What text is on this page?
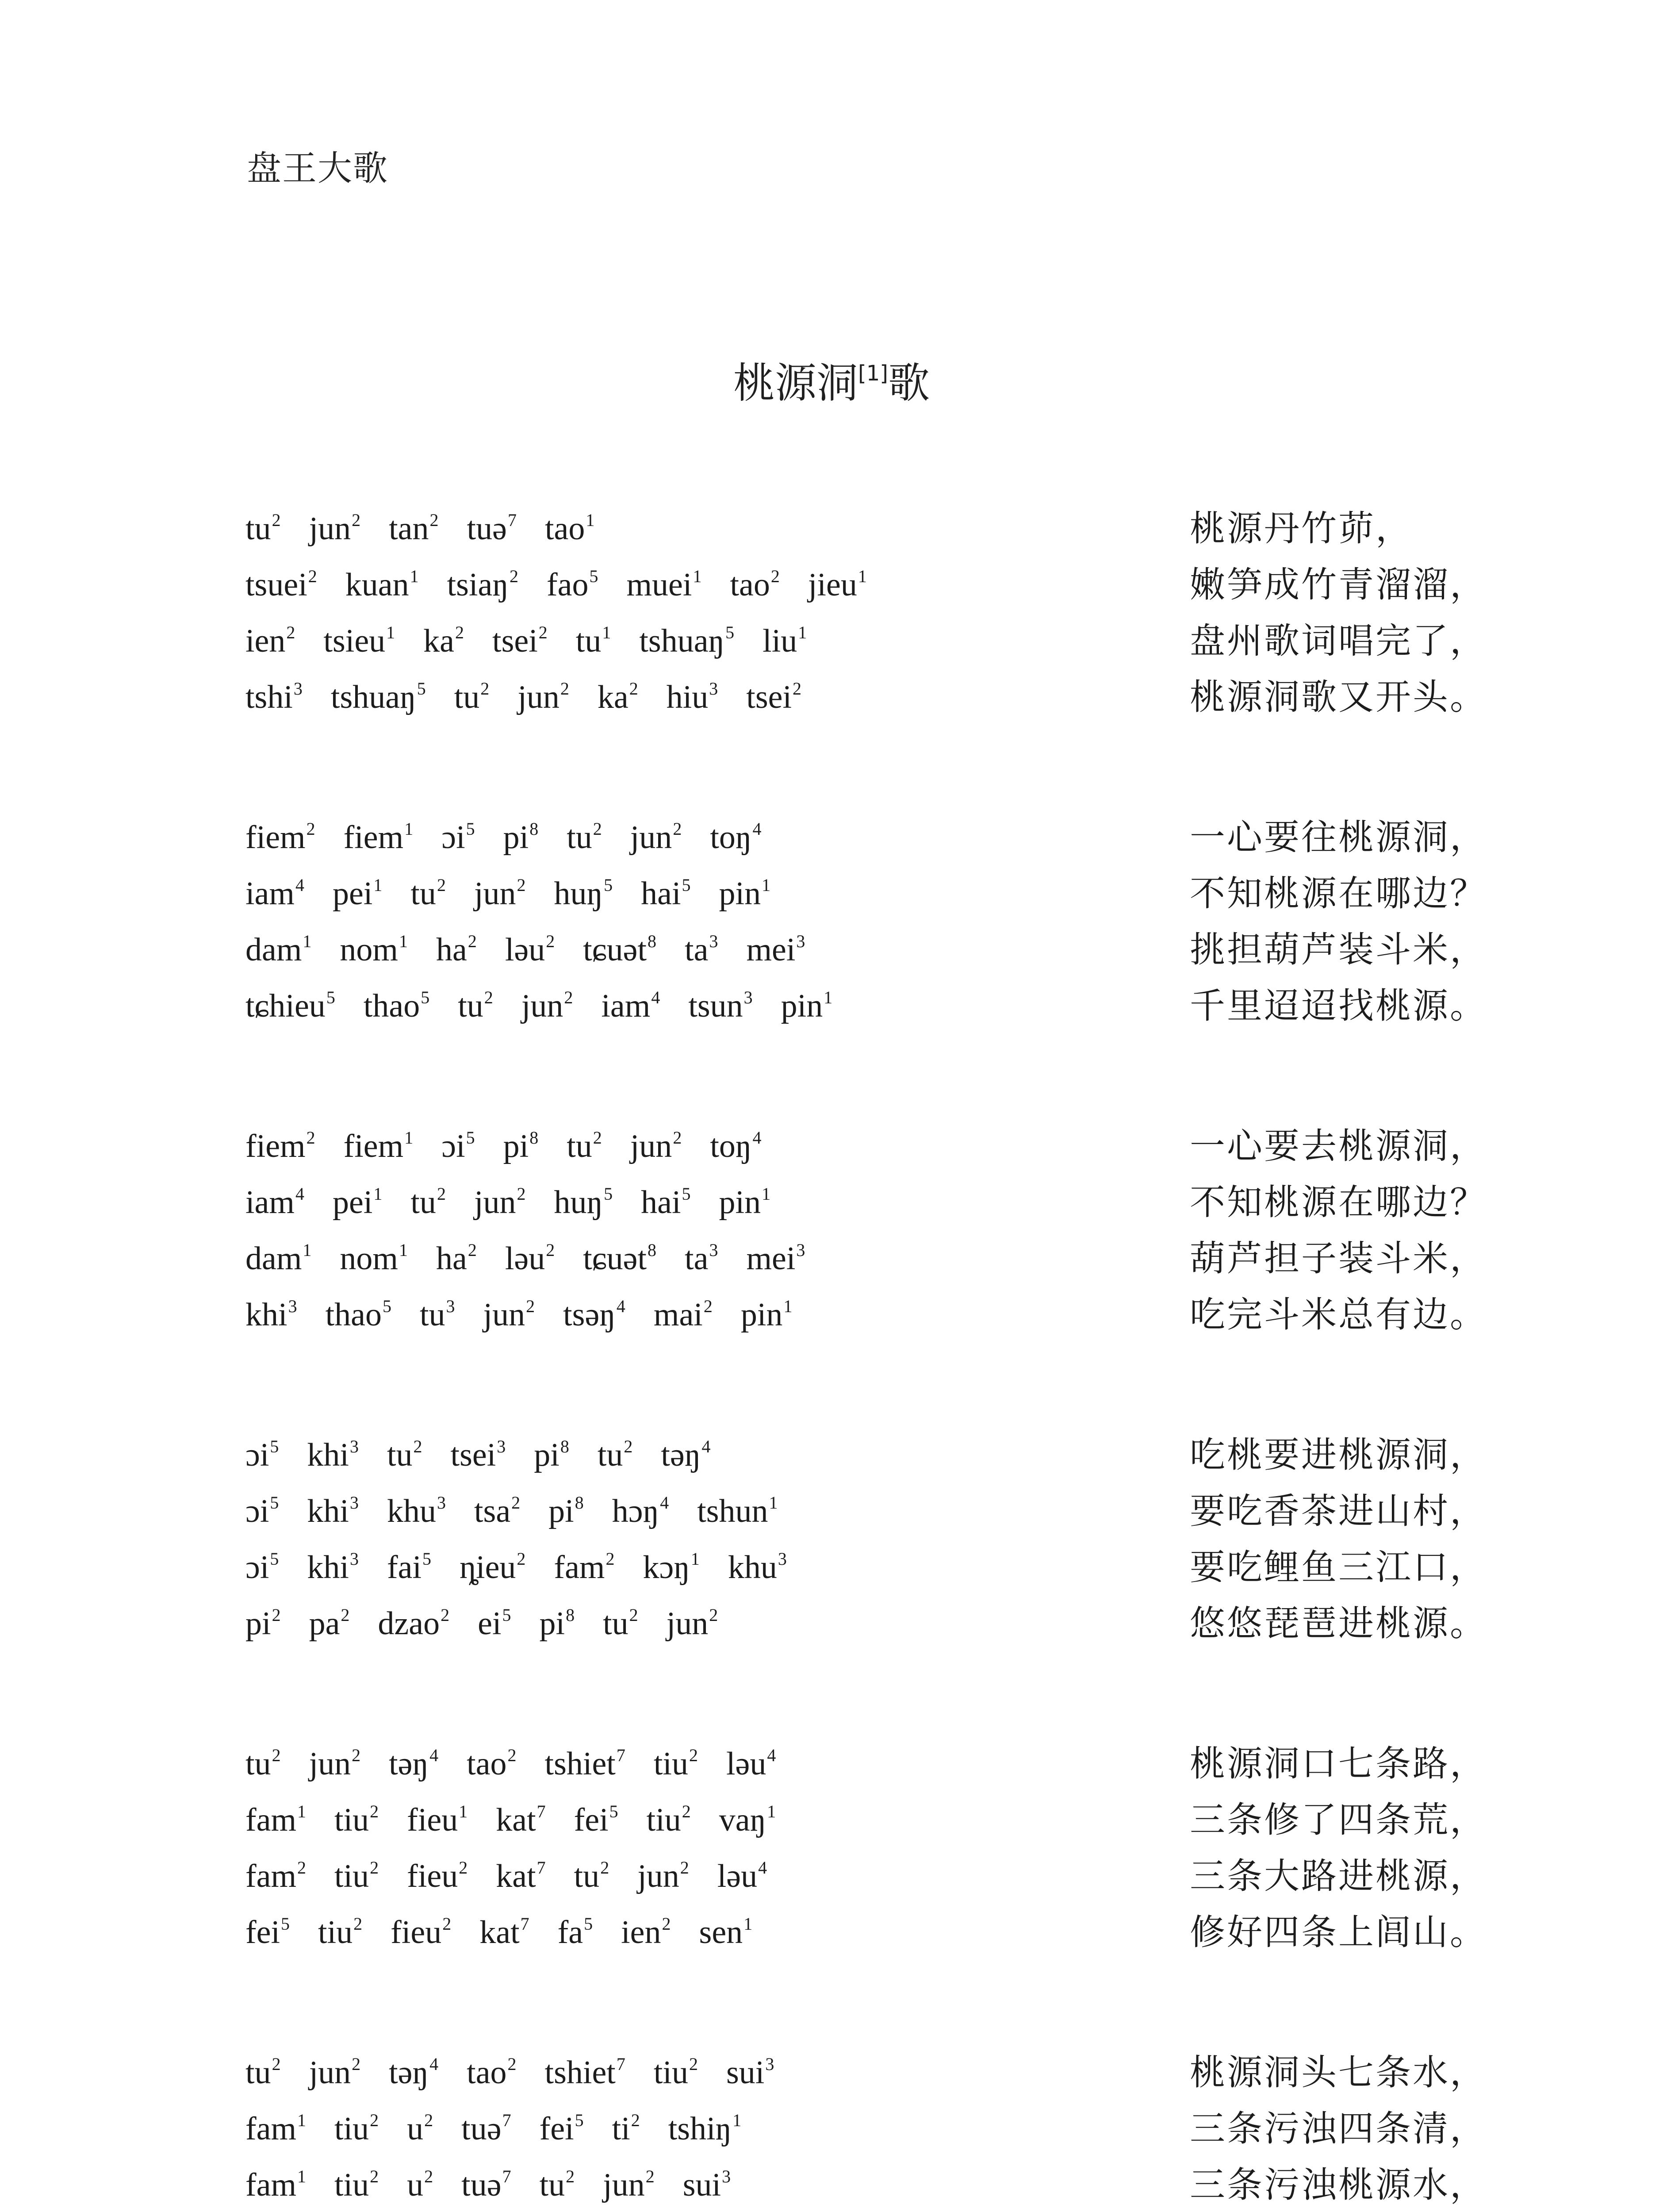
盘王大歌
桃源洞[1]歌
$tu^2$ jun$^2$ $\tan^2$ tuə$^7$ tao$^1$	桃源丹竹茆，
tsuei$^2$ kuan$^1$ tsiaŋ$^2$ fao$^5$ muei$^1$ tao$^2$ jieu$^1$	嫩笋成竹青溜溜，
ien$^2$ tsieu$^1$ $ka^2$ tsei$^2$ $tu^1$ tshuaŋ$^5$ liu$^1$	盘州歌词唱完了，
tshi$^3$ tshuaŋ$^5$ $tu^2$ jun$^2$ $ka^2$ hiu$^3$ tsei$^2$	桃源洞歌又开头。
fiem$^2$ fiem$^1$ ɔi$^5$ $pi^8$ $tu^2$ jun$^2$ toŋ$^4$	一心要往桃源洞，
iam$^4$ pei$^1$ $tu^2$ jun$^2$ huŋ$^5$ hai$^5$ pin$^1$	不知桃源在哪边？
dam$^1$ nom$^1$ $ha^2$ ləu$^2$ tɕuət$^8$ $ta^3$ mei$^3$	挑担葫芦装斗米，
tɕhieu$^5$ thao$^5$ $tu^2$ jun$^2$ iam$^4$ tsun$^3$ pin$^1$	千里迢迢找桃源。
fiem$^2$ fiem$^1$ ɔi$^5$ $pi^8$ $tu^2$ jun$^2$ toŋ$^4$	一心要去桃源洞，
iam$^4$ pei$^1$ $tu^2$ jun$^2$ huŋ$^5$ hai$^5$ pin$^1$	不知桃源在哪边？
dam$^1$ nom$^1$ $ha^2$ ləu$^2$ tɕuət$^8$ $ta^3$ mei$^3$	葫芦担子装斗米，
khi$^3$ thao$^5$ $tu^3$ jun$^2$ tsəŋ$^4$ mai$^2$ pin$^1$	吃完斗米总有边。
ɔi$^5$ khi$^3$ $tu^2$ tsei$^3$ $pi^8$ $tu^2$ təŋ$^4$	吃桃要进桃源洞，
ɔi$^5$ khi$^3$ khu$^3$ tsa$^2$ $pi^8$ hɔŋ$^4$ tshun$^1$	要吃香茶进山村，
ɔi$^5$ khi$^3$ fai$^5$ ȵieu$^2$ fam$^2$ kɔŋ$^1$ khu$^3$	要吃鲤鱼三江口，
$pi^2$ $pa^2$ dzao$^2$ $ei^5$ $pi^8$ $tu^2$ jun$^2$	悠悠琵琶进桃源。
$tu^2$ jun$^2$ təŋ$^4$ tao$^2$ tshiet$^7$ tiu$^2$ ləu$^4$	桃源洞口七条路，
fam$^1$ tiu$^2$ fieu$^1$ kat$^7$ fei$^5$ tiu$^2$ vaŋ$^1$	三条修了四条荒，
fam$^2$ tiu$^2$ fieu$^2$ kat$^7$ $tu^2$ jun$^2$ ləu$^4$	三条大路进桃源，
fei$^5$ tiu$^2$ fieu$^2$ kat$^7$ $fa^5$ ien$^2$ sen$^1$	修好四条上闾山。
$tu^2$ jun$^2$ təŋ$^4$ tao$^2$ tshiet$^7$ tiu$^2$ sui$^3$	桃源洞头七条水，
fam$^1$ tiu$^2$ $u^2$ tuə$^7$ fei$^5$ $ti^2$ tshiŋ$^1$	三条污浊四条清，
fam$^1$ tiu$^2$ $u^2$ tuə$^7$ $tu^2$ jun$^2$ sui$^3$	三条污浊桃源水，
